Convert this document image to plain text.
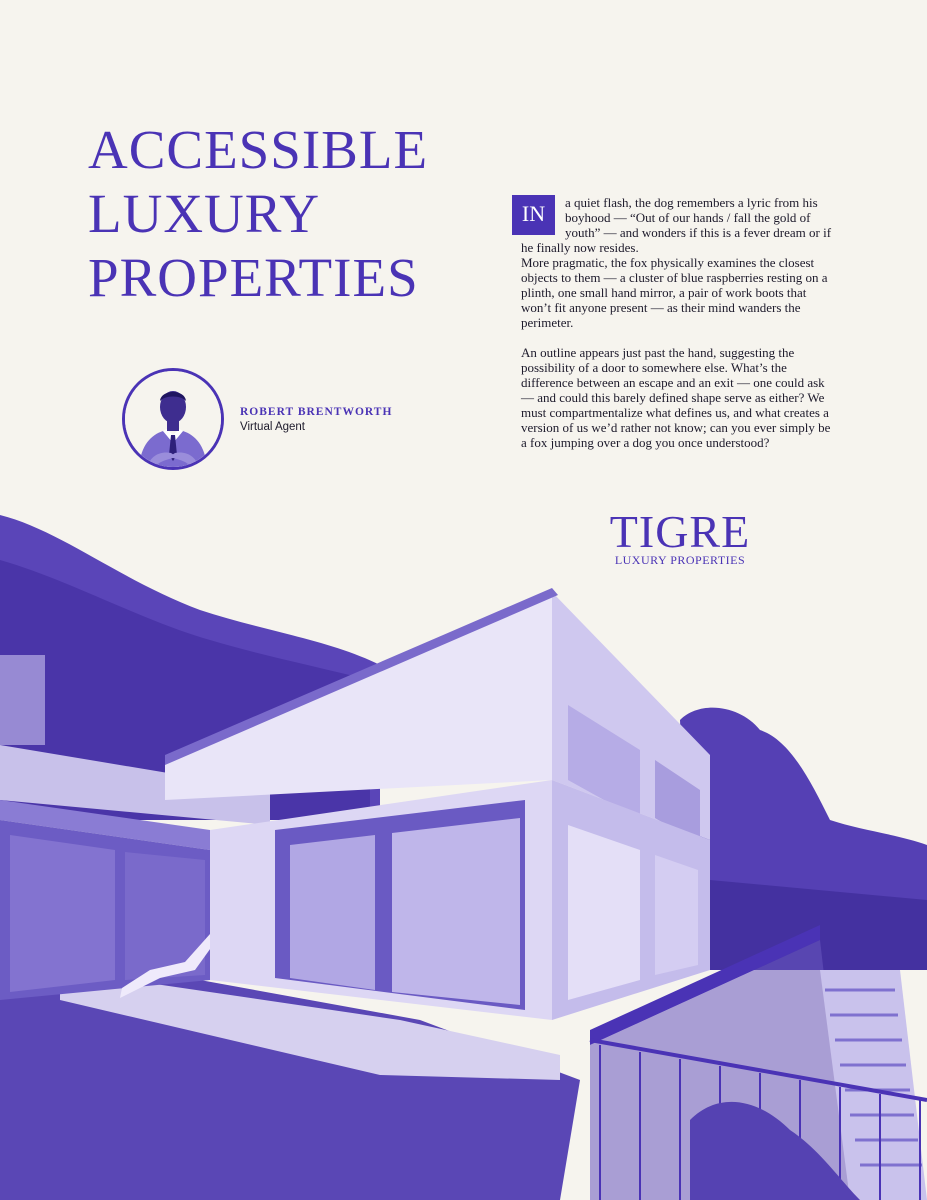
ACCESSIBLE
LUXURY
PROPERTIES

IN	a quiet flash, the dog remembers a lyric from his boyhood — “Out of our hands / fall the gold of youth” — and wonders if this is a fever dream or if he finally now resides.

More pragmatic, the fox physically examines the closest objects to them — a cluster of blue raspberries resting on a plinth, one small hand mirror, a pair of work boots that won’t fit anyone present — as their mind wanders the perimeter.

An outline appears just past the hand, suggesting the possibility of a door to somewhere else. What’s the difference between an escape and an exit — one could ask — and could this barely defined shape serve as either? We must compartmentalize what defines us, and what creates a version of us we’d rather not know; can you ever simply be a fox jumping over a dog you once understood?

ROBERT BRENTWORTH
Virtual Agent
TIGRE
LUXURY PROPERTIES
